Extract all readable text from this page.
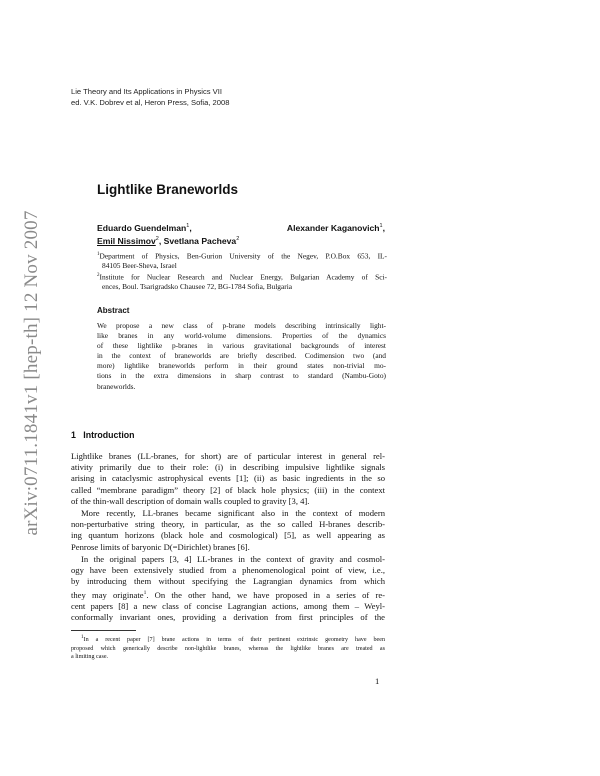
arXiv:0711.1841v1 [hep-th] 12 Nov 2007
Lie Theory and Its Applications in Physics VII
ed. V.K. Dobrev et al, Heron Press, Sofia, 2008
Lightlike Braneworlds
Eduardo Guendelman$^1$,	Alexander Kaganovich$^1$,
Emil Nissimov$^2$, Svetlana Pacheva$^2$
$^1$Department of Physics, Ben-Gurion University of the Negev, P.O.Box 653, IL-
84105 Beer-Sheva, Israel
$^2$Institute for Nuclear Research and Nuclear Energy, Bulgarian Academy of Sci-
ences, Boul. Tsarigradsko Chausee 72, BG-1784 Sofia, Bulgaria
Abstract
We propose a new class of p-brane models describing intrinsically light-
like branes in any world-volume dimensions. Properties of the dynamics
of these lightlike p-branes in various gravitational backgrounds of interest
in the context of braneworlds are briefly described. Codimension two (and
more) lightlike braneworlds perform in their ground states non-trivial mo-
tions in the extra dimensions in sharp contrast to standard (Nambu-Goto)
braneworlds.
1 Introduction
Lightlike branes (LL-branes, for short) are of particular interest in general rel-
ativity primarily due to their role: (i) in describing impulsive lightlike signals
arising in cataclysmic astrophysical events [1]; (ii) as basic ingredients in the so
called “membrane paradigm” theory [2] of black hole physics; (iii) in the context
of the thin-wall description of domain walls coupled to gravity [3, 4].
More recently, LL-branes became significant also in the context of modern
non-perturbative string theory, in particular, as the so called H-branes describ-
ing quantum horizons (black hole and cosmological) [5], as well appearing as
Penrose limits of baryonic D(=Dirichlet) branes [6].
In the original papers [3, 4] LL-branes in the context of gravity and cosmol-
ogy have been extensively studied from a phenomenological point of view, i.e.,
by introducing them without specifying the Lagrangian dynamics from which
they may originate$^1$. On the other hand, we have proposed in a series of re-
cent papers [8] a new class of concise Lagrangian actions, among them – Weyl-
conformally invariant ones, providing a derivation from first principles of the
$^1$In a recent paper [7] brane actions in terms of their pertinent extrinsic geometry have been
proposed which generically describe non-lightlike branes, whereas the lightlike branes are treated as
a limiting case.
1
